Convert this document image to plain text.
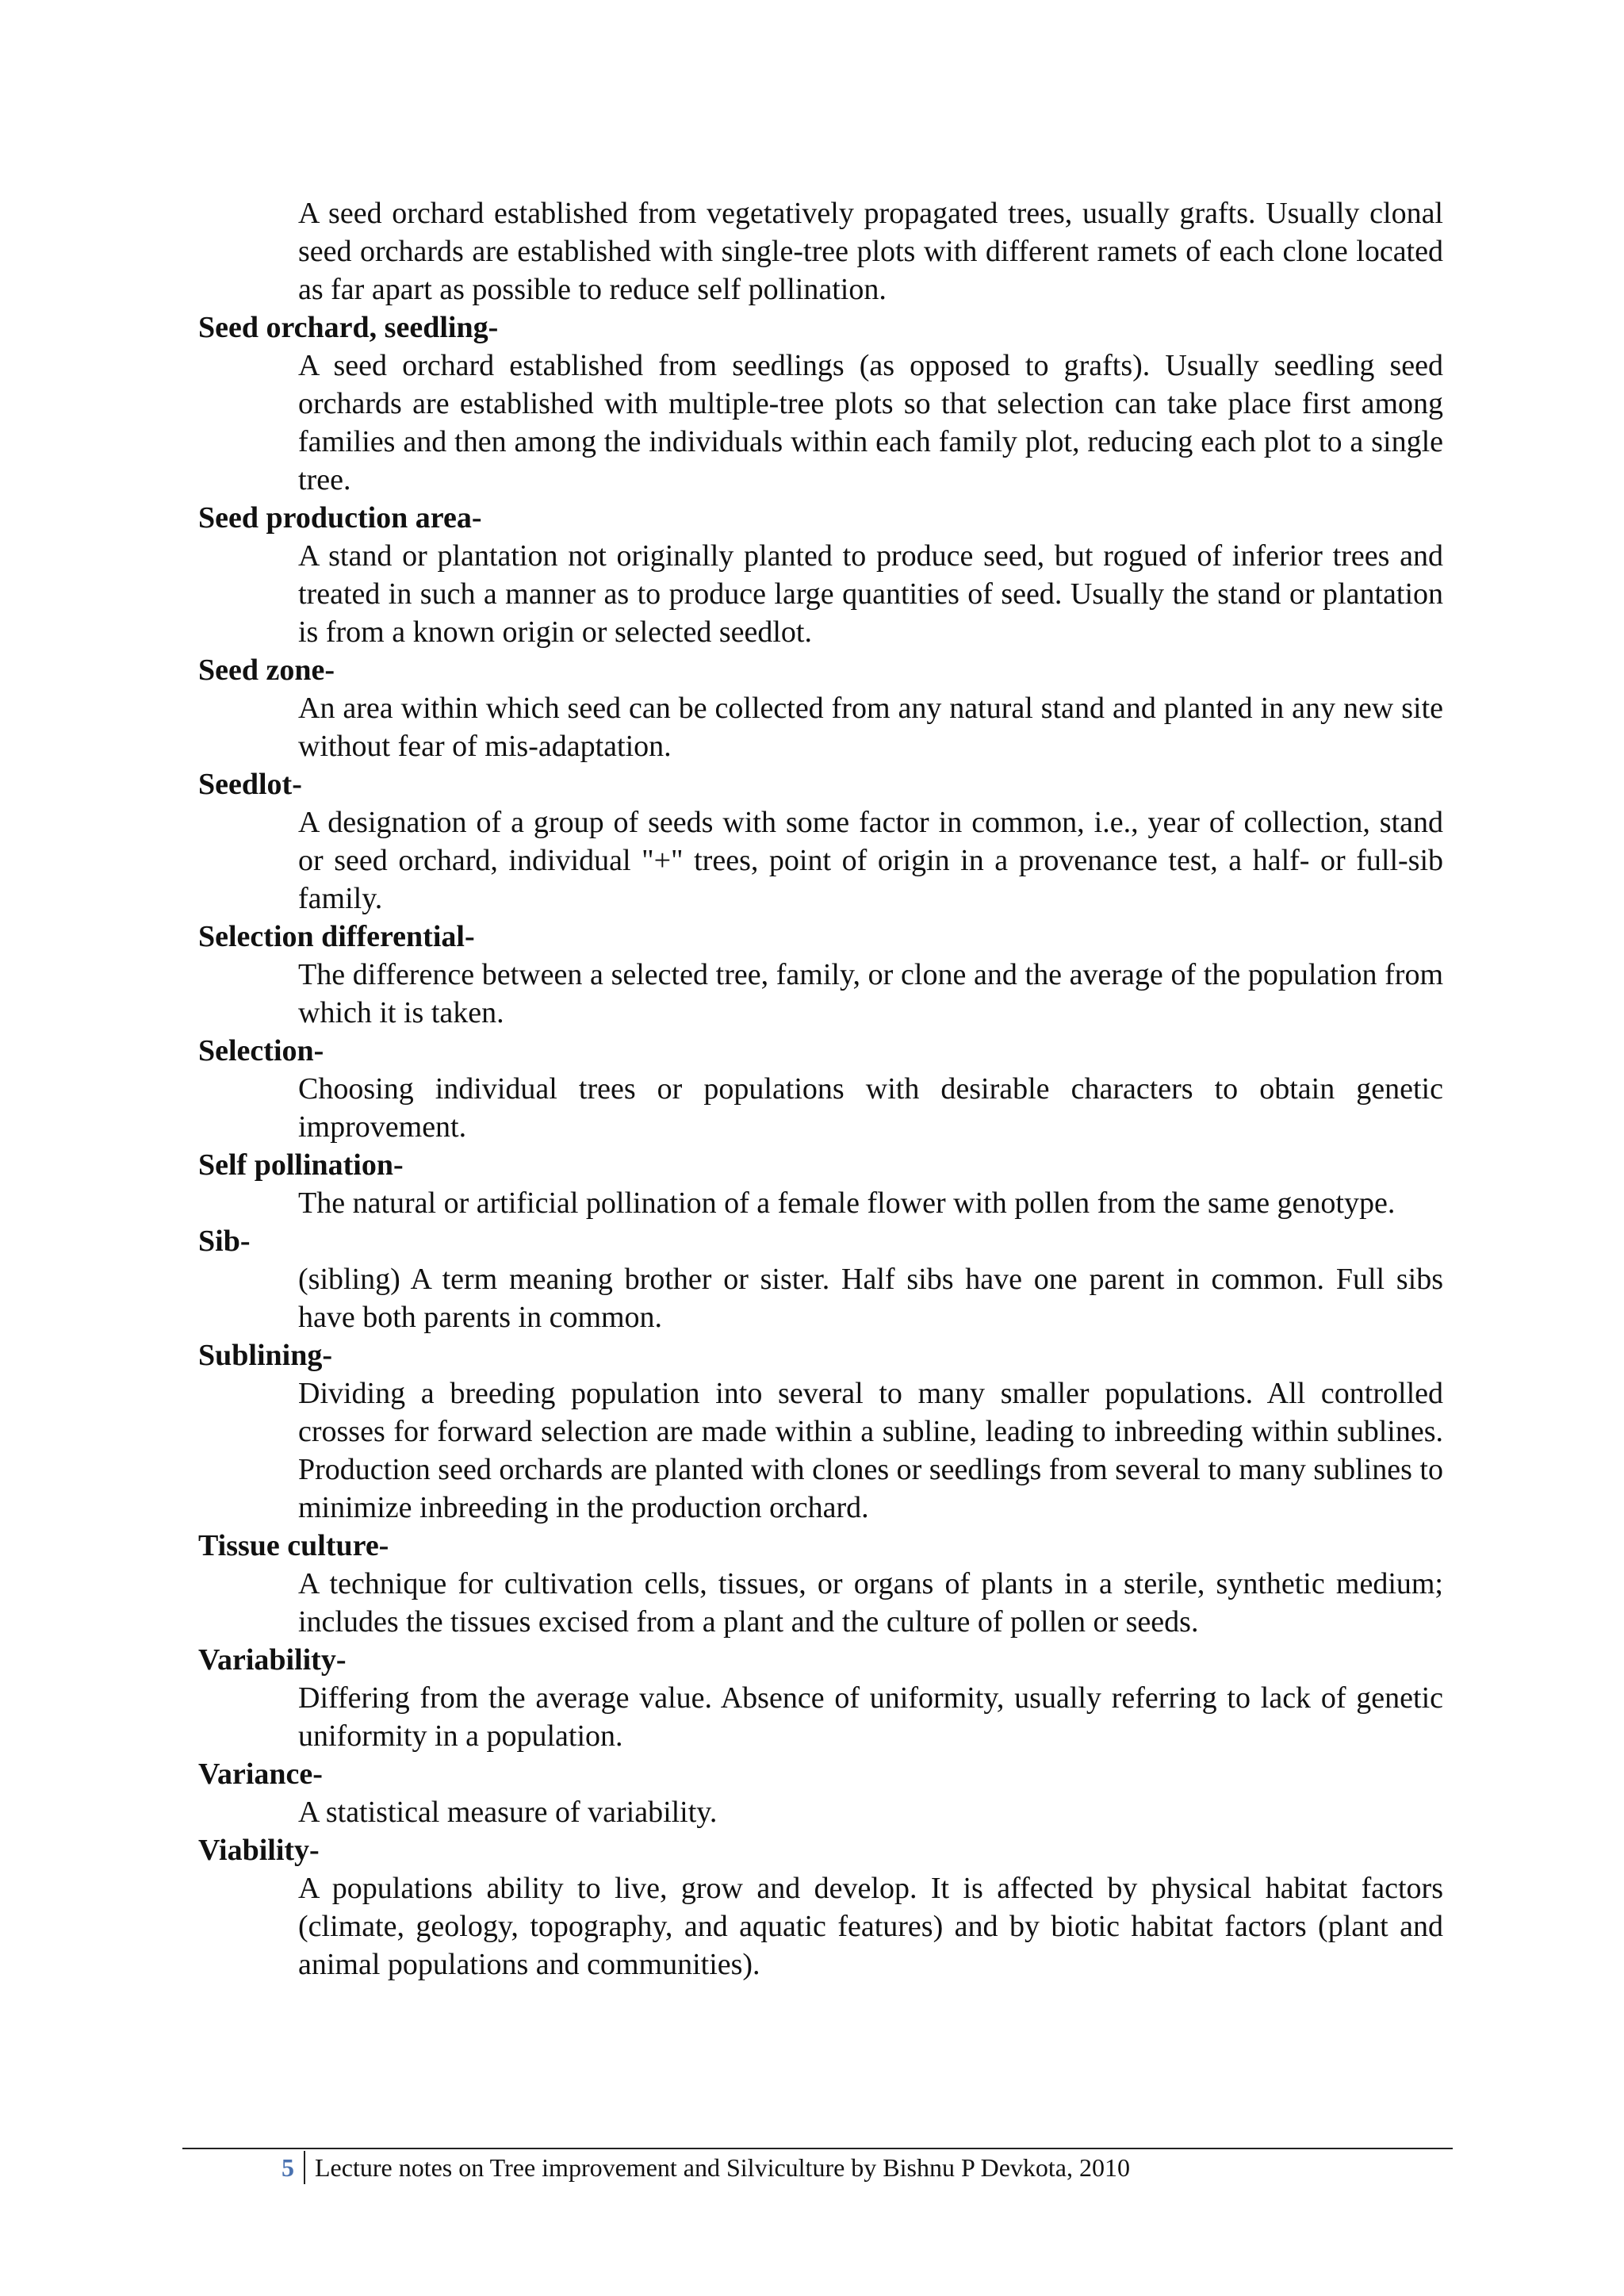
A seed orchard established from vegetatively propagated trees, usually grafts. Usually clonal seed orchards are established with single-tree plots with different ramets of each clone located as far apart as possible to reduce self pollination.
Seed orchard, seedling-
A seed orchard established from seedlings (as opposed to grafts). Usually seedling seed orchards are established with multiple-tree plots so that selection can take place first among families and then among the individuals within each family plot, reducing each plot to a single tree.
Seed production area-
A stand or plantation not originally planted to produce seed, but rogued of inferior trees and treated in such a manner as to produce large quantities of seed. Usually the stand or plantation is from a known origin or selected seedlot.
Seed zone-
An area within which seed can be collected from any natural stand and planted in any new site without fear of mis-adaptation.
Seedlot-
A designation of a group of seeds with some factor in common, i.e., year of collection, stand or seed orchard, individual "+" trees, point of origin in a provenance test, a half- or full-sib family.
Selection differential-
The difference between a selected tree, family, or clone and the average of the population from which it is taken.
Selection-
Choosing individual trees or populations with desirable characters to obtain genetic improvement.
Self pollination-
The natural or artificial pollination of a female flower with pollen from the same genotype.
Sib-
(sibling) A term meaning brother or sister. Half sibs have one parent in common. Full sibs have both parents in common.
Sublining-
Dividing a breeding population into several to many smaller populations. All controlled crosses for forward selection are made within a subline, leading to inbreeding within sublines. Production seed orchards are planted with clones or seedlings from several to many sublines to minimize inbreeding in the production orchard.
Tissue culture-
A technique for cultivation cells, tissues, or organs of plants in a sterile, synthetic medium; includes the tissues excised from a plant and the culture of pollen or seeds.
Variability-
Differing from the average value. Absence of uniformity, usually referring to lack of genetic uniformity in a population.
Variance-
A statistical measure of variability.
Viability-
A populations ability to live, grow and develop. It is affected by physical habitat factors (climate, geology, topography, and aquatic features) and by biotic habitat factors (plant and animal populations and communities).
5 Lecture notes on Tree improvement and Silviculture by Bishnu P Devkota, 2010
